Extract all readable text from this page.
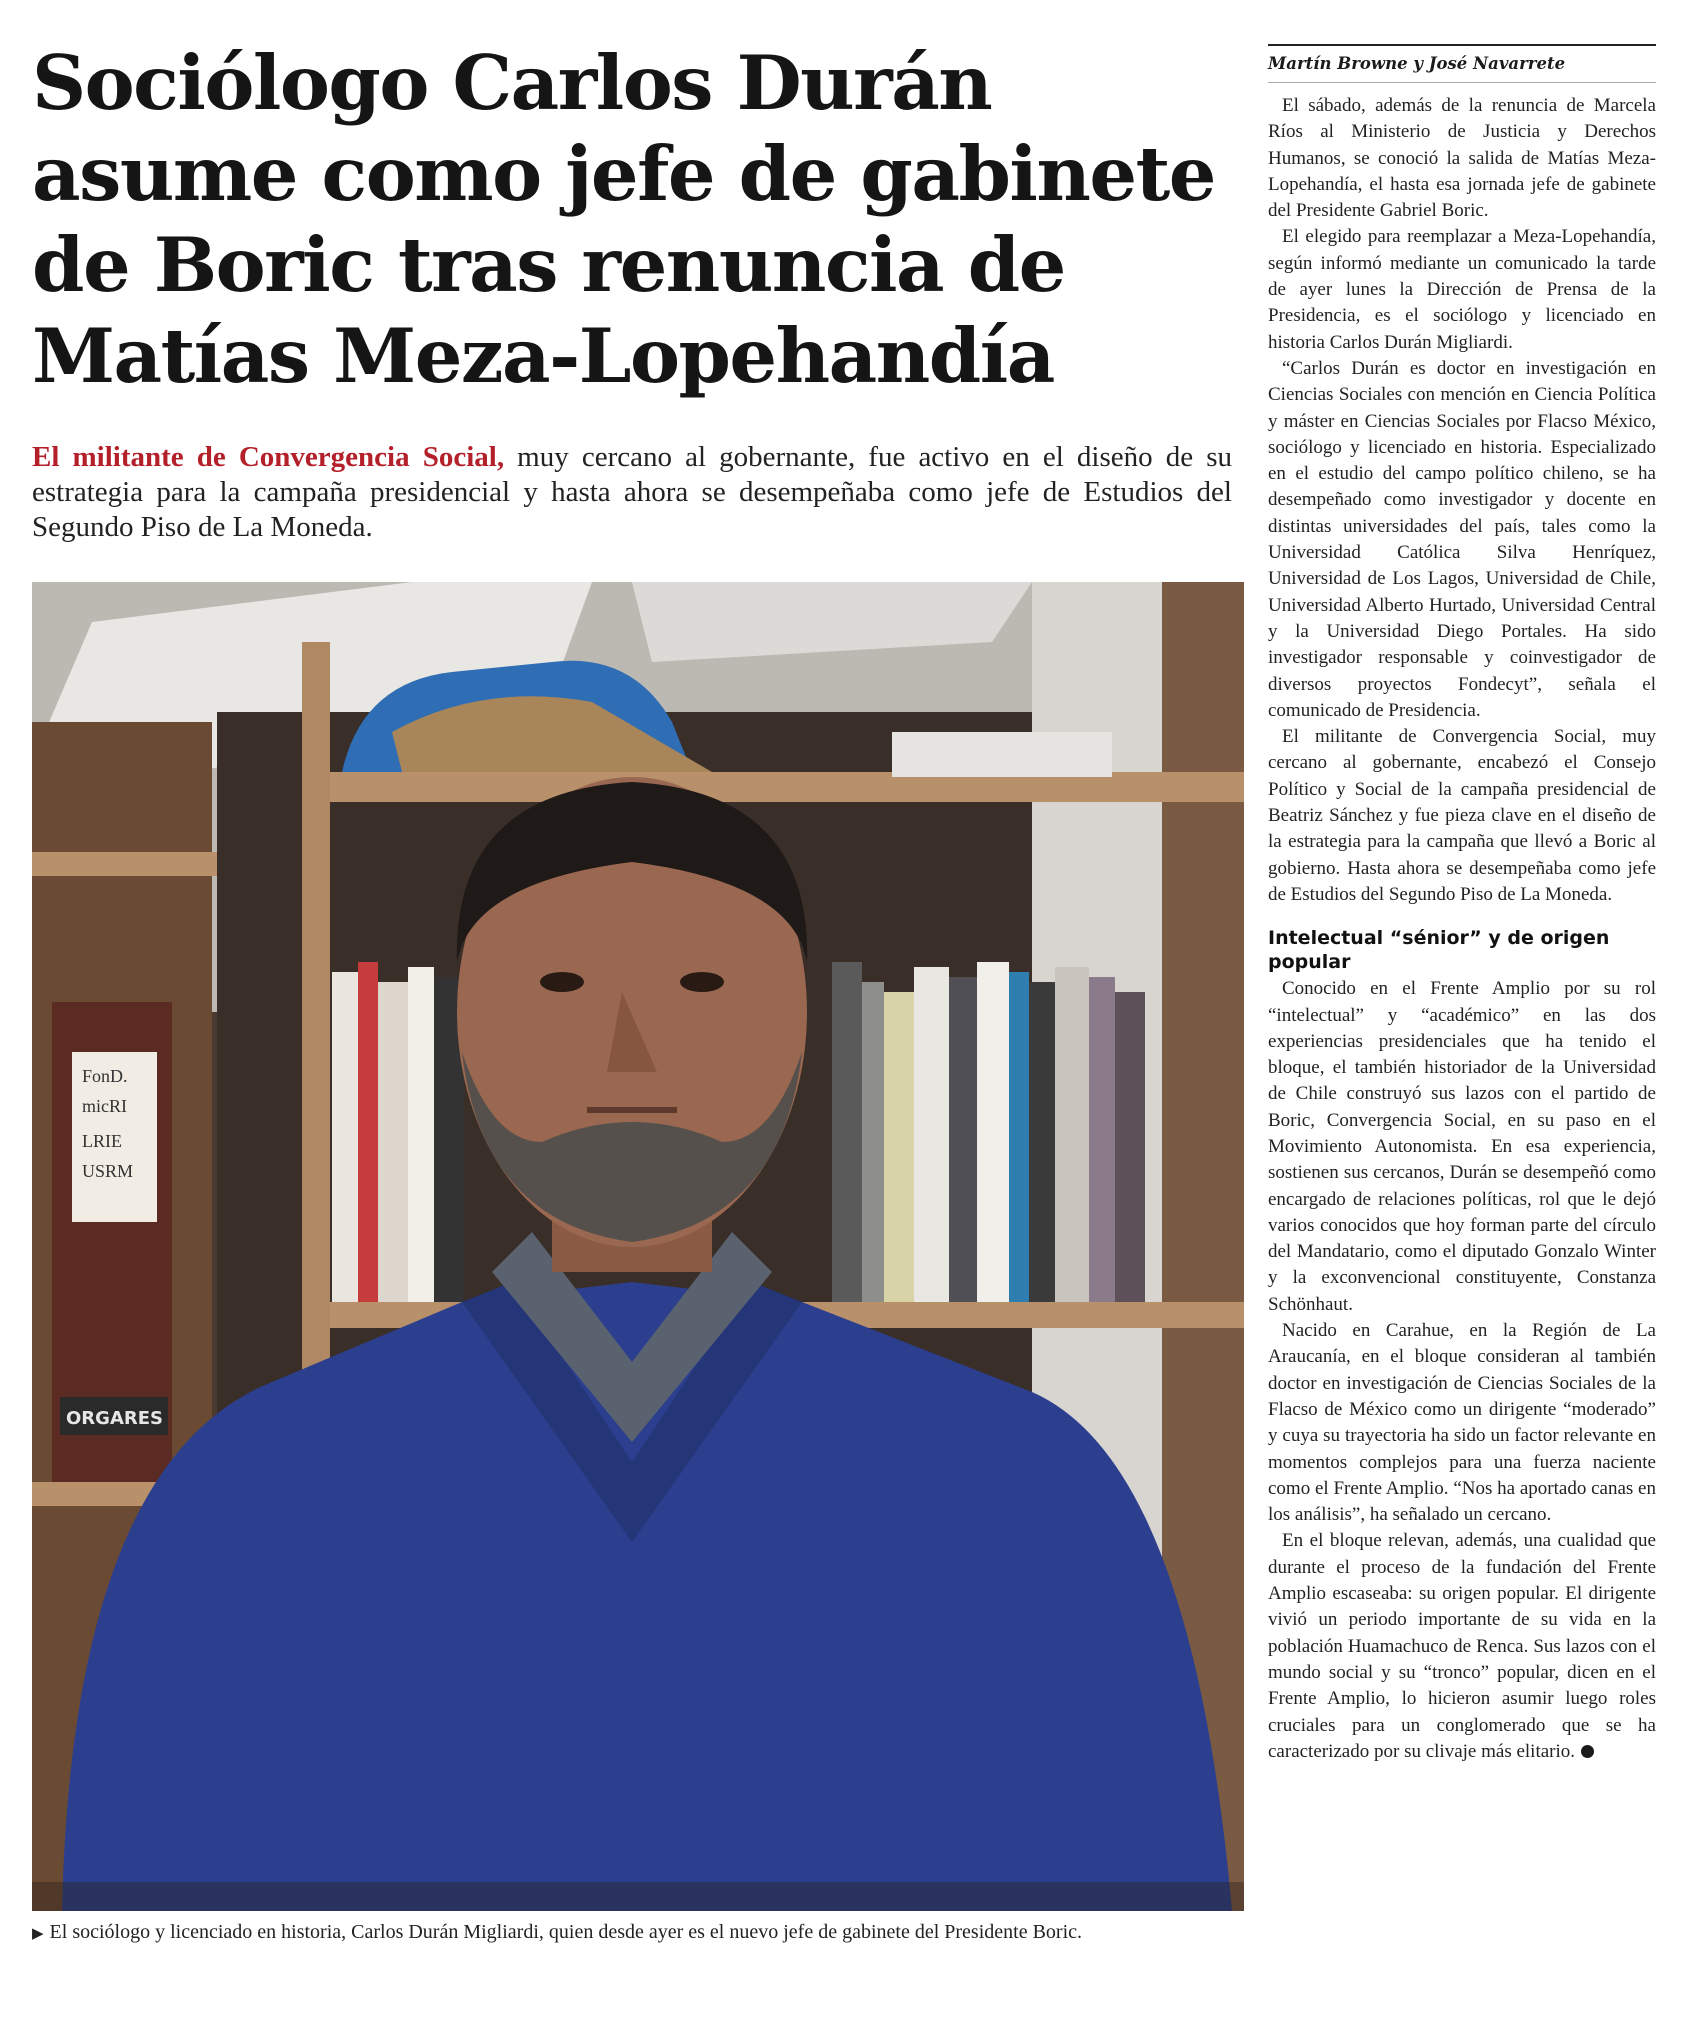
Sociólogo Carlos Durán asume como jefe de gabinete de Boric tras renuncia de Matías Meza-Lopehandía

El militante de Convergencia Social, muy cercano al gobernante, fue activo en el diseño de su estrategia para la campaña presidencial y hasta ahora se desempeñaba como jefe de Estudios del Segundo Piso de La Moneda.

FonD.
micRI
LRIE
USRM
ORGARES

▶ El sociólogo y licenciado en historia, Carlos Durán Migliardi, quien desde ayer es el nuevo jefe de gabinete del Presidente Boric.

Martín Browne y José Navarrete

El sábado, además de la renuncia de Marcela Ríos al Ministerio de Justicia y Derechos Humanos, se conoció la salida de Matías Meza-Lopehandía, el hasta esa jornada jefe de gabinete del Presidente Gabriel Boric.

El elegido para reemplazar a Meza-Lopehandía, según informó mediante un comunicado la tarde de ayer lunes la Dirección de Prensa de la Presidencia, es el sociólogo y licenciado en historia Carlos Durán Migliardi.

“Carlos Durán es doctor en investigación en Ciencias Sociales con mención en Ciencia Política y máster en Ciencias Sociales por Flacso México, sociólogo y licenciado en historia. Especializado en el estudio del campo político chileno, se ha desempeñado como investigador y docente en distintas universidades del país, tales como la Universidad Católica Silva Henríquez, Universidad de Los Lagos, Universidad de Chile, Universidad Alberto Hurtado, Universidad Central y la Universidad Diego Portales. Ha sido investigador responsable y coinvestigador de diversos proyectos Fondecyt”, señala el comunicado de Presidencia.

El militante de Convergencia Social, muy cercano al gobernante, encabezó el Consejo Político y Social de la campaña presidencial de Beatriz Sánchez y fue pieza clave en el diseño de la estrategia para la campaña que llevó a Boric al gobierno. Hasta ahora se desempeñaba como jefe de Estudios del Segundo Piso de La Moneda.

Intelectual “sénior” y de origen popular

Conocido en el Frente Amplio por su rol “intelectual” y “académico” en las dos experiencias presidenciales que ha tenido el bloque, el también historiador de la Universidad de Chile construyó sus lazos con el partido de Boric, Convergencia Social, en su paso en el Movimiento Autonomista. En esa experiencia, sostienen sus cercanos, Durán se desempeñó como encargado de relaciones políticas, rol que le dejó varios conocidos que hoy forman parte del círculo del Mandatario, como el diputado Gonzalo Winter y la exconvencional constituyente, Constanza Schönhaut.

Nacido en Carahue, en la Región de La Araucanía, en el bloque consideran al también doctor en investigación de Ciencias Sociales de la Flacso de México como un dirigente “moderado” y cuya su trayectoria ha sido un factor relevante en momentos complejos para una fuerza naciente como el Frente Amplio. “Nos ha aportado canas en los análisis”, ha señalado un cercano.

En el bloque relevan, además, una cualidad que durante el proceso de la fundación del Frente Amplio escaseaba: su origen popular. El dirigente vivió un periodo importante de su vida en la población Huamachuco de Renca. Sus lazos con el mundo social y su “tronco” popular, dicen en el Frente Amplio, lo hicieron asumir luego roles cruciales para un conglomerado que se ha caracterizado por su clivaje más elitario.
